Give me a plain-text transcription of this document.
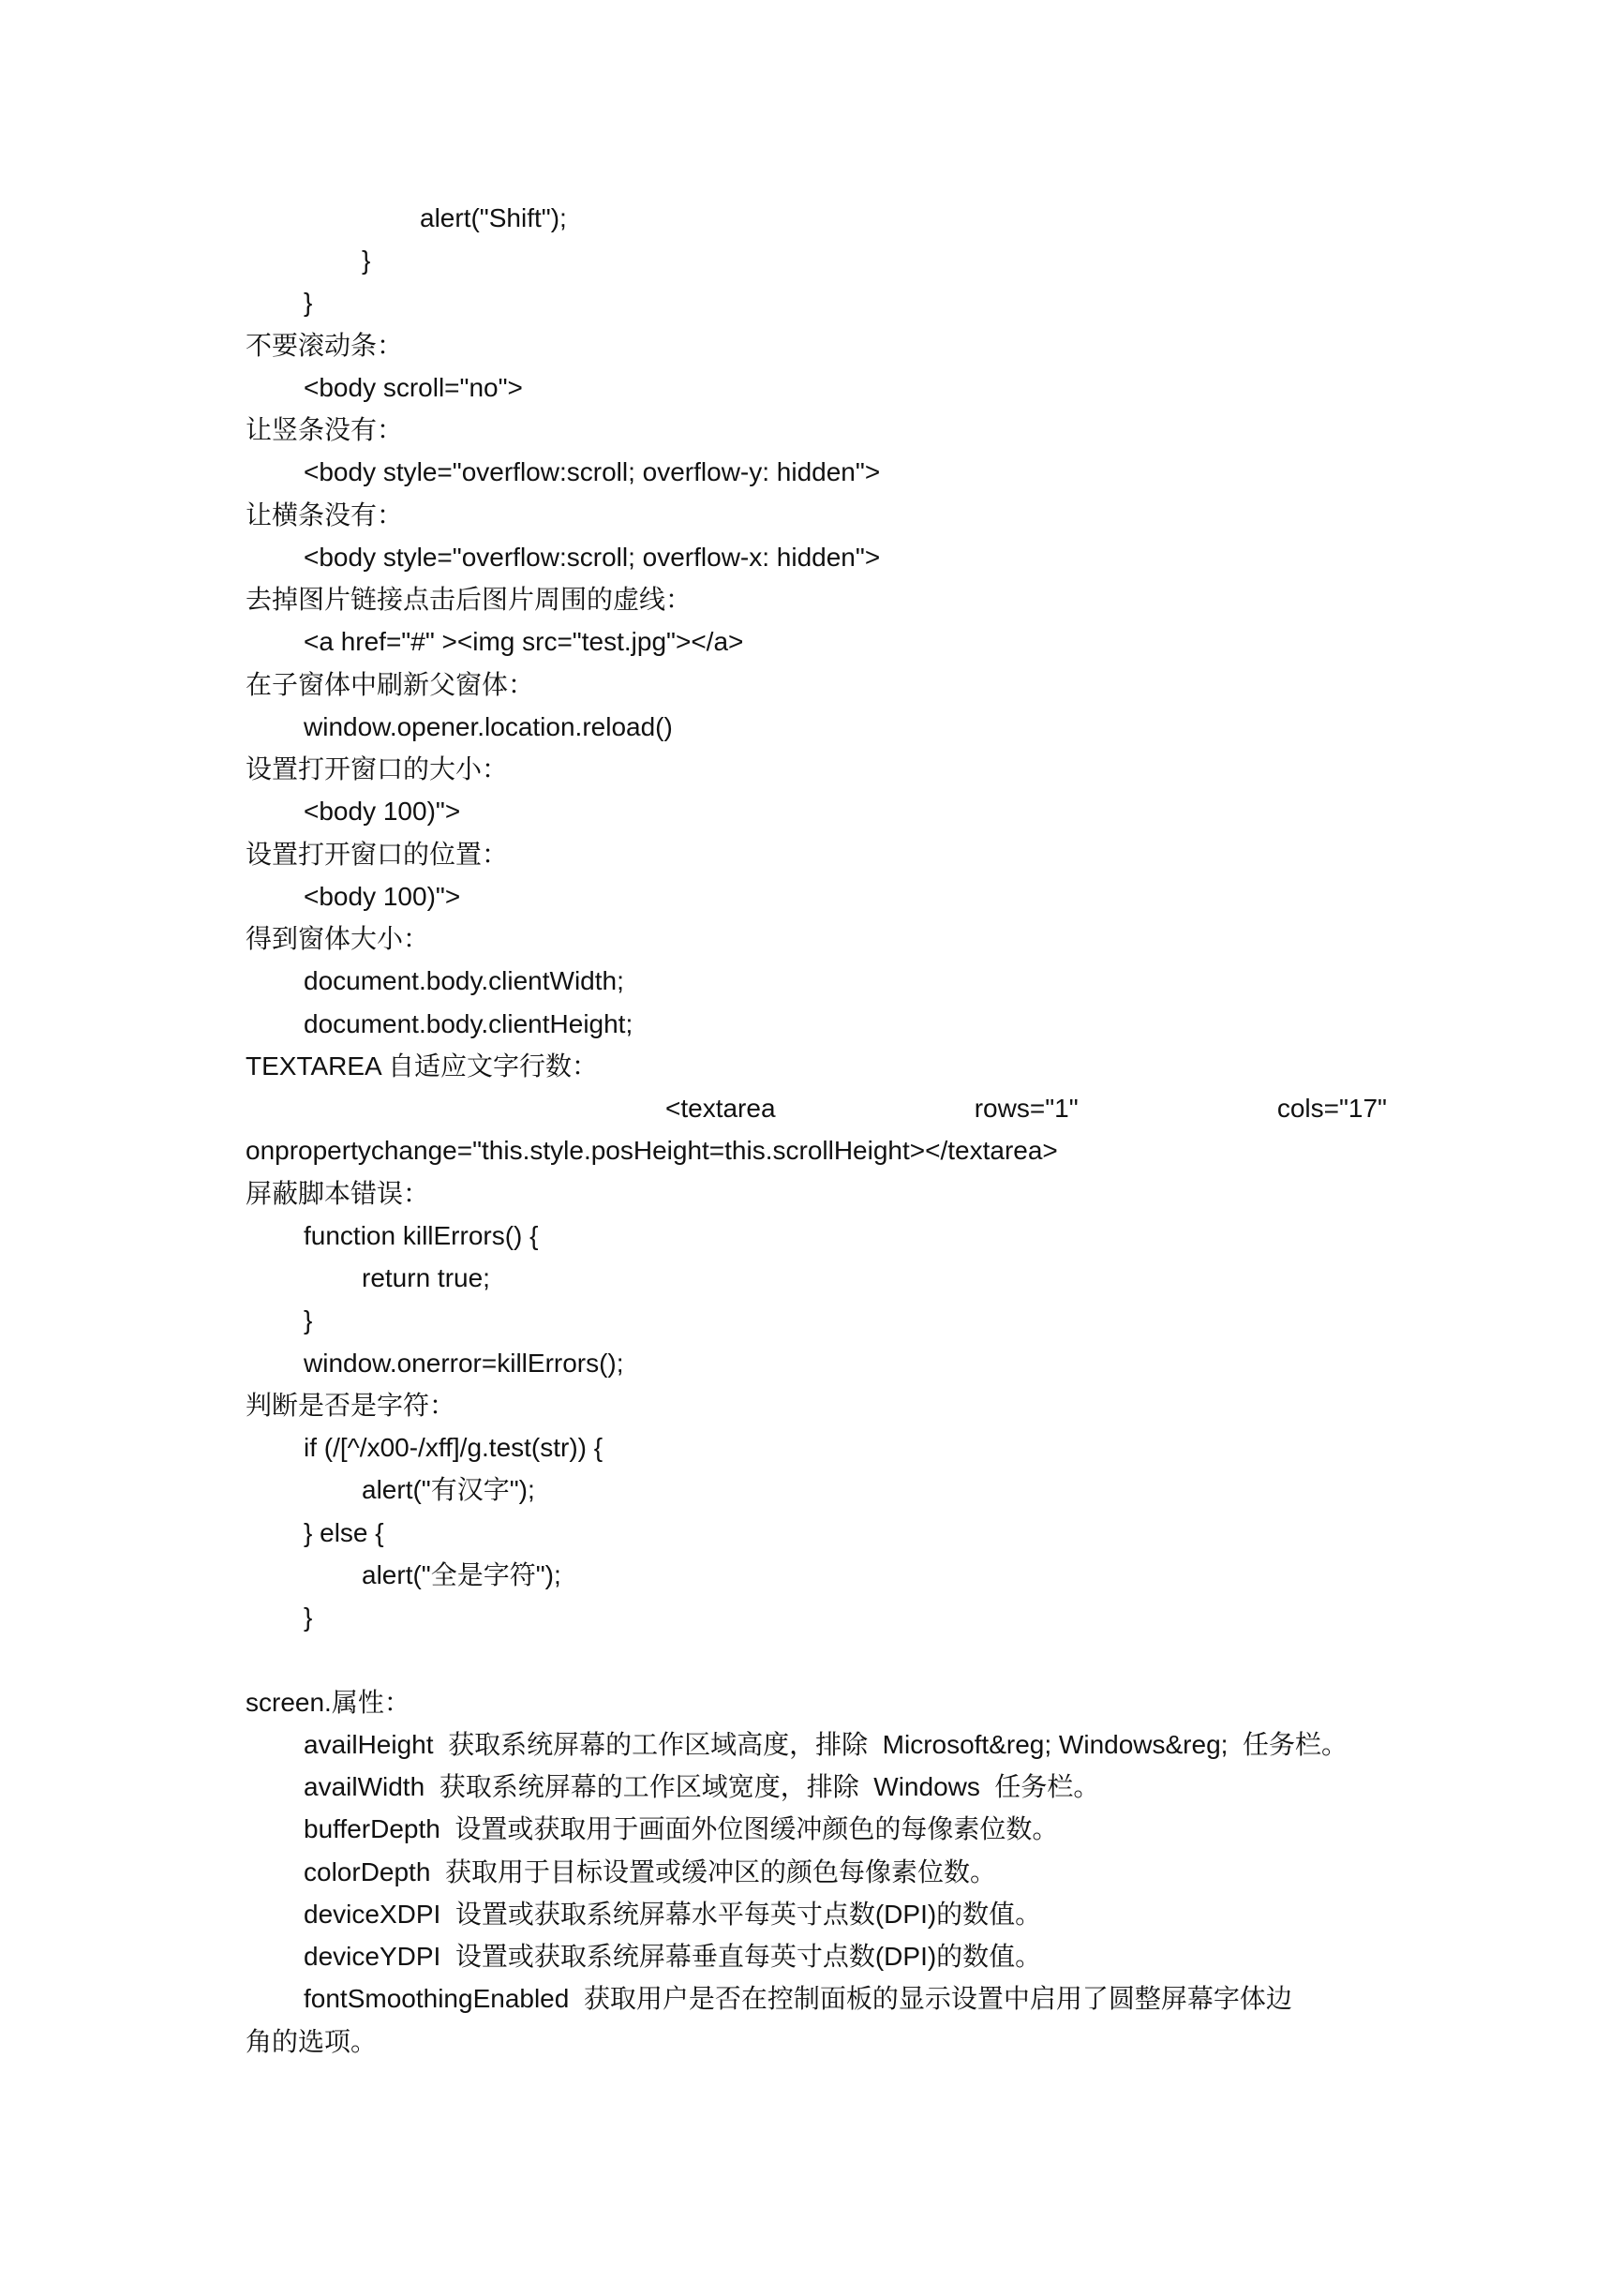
alert("Shift");
}
}
不要滚动条：
<body scroll="no">
让竖条没有：
<body style="overflow:scroll; overflow-y: hidden">
让横条没有：
<body style="overflow:scroll; overflow-x: hidden">
去掉图片链接点击后图片周围的虚线：
<a href="#" ><img src="test.jpg"></a>
在子窗体中刷新父窗体：
window.opener.location.reload()
设置打开窗口的大小：
<body 100)">
设置打开窗口的位置：
<body 100)">
得到窗体大小：
document.body.clientWidth;
document.body.clientHeight;
TEXTAREA 自适应文字行数：
<textarea	rows="1"	cols="17"
onpropertychange="this.style.posHeight=this.scrollHeight></textarea>
屏蔽脚本错误：
function killErrors() {
return true;
}
window.onerror=killErrors();
判断是否是字符：
if (/[^/x00-/xff]/g.test(str)) {
alert("有汉字");
} else {
alert("全是字符");
}
screen.属性：
availHeight  获取系统屏幕的工作区域高度，排除  Microsoft&reg; Windows&reg;  任务栏。
availWidth  获取系统屏幕的工作区域宽度，排除  Windows  任务栏。
bufferDepth  设置或获取用于画面外位图缓冲颜色的每像素位数。
colorDepth  获取用于目标设置或缓冲区的颜色每像素位数。
deviceXDPI  设置或获取系统屏幕水平每英寸点数(DPI)的数值。
deviceYDPI  设置或获取系统屏幕垂直每英寸点数(DPI)的数值。
fontSmoothingEnabled  获取用户是否在控制面板的显示设置中启用了圆整屏幕字体边
角的选项。
